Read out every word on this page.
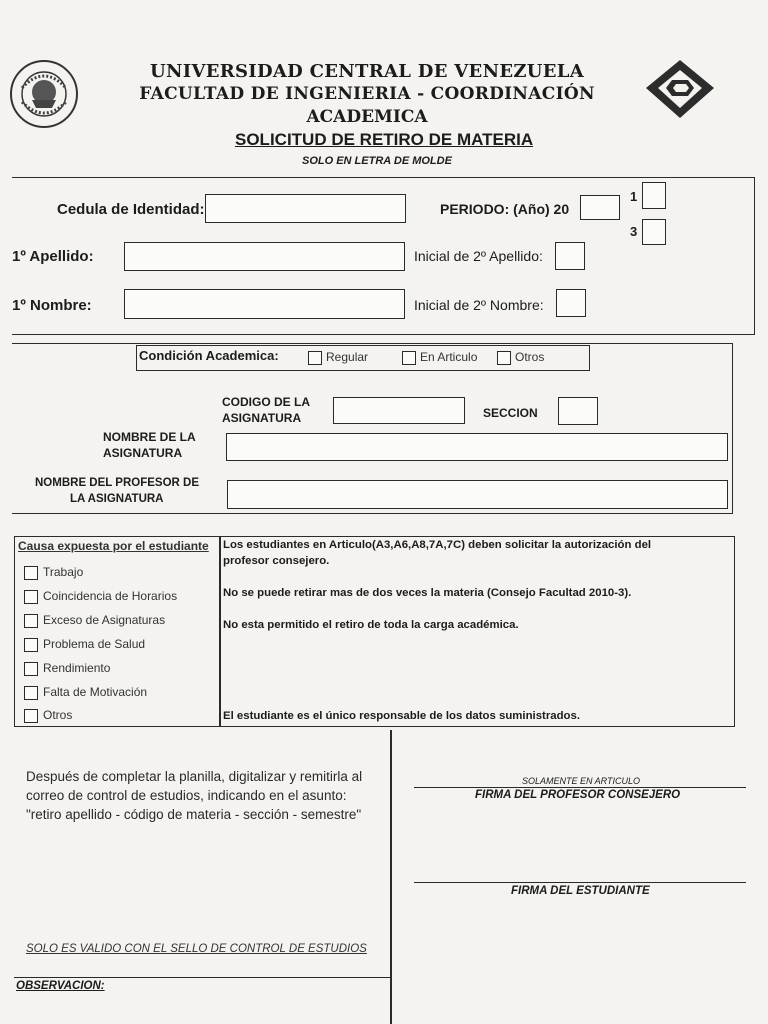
UNIVERSIDAD CENTRAL DE VENEZUELA
FACULTAD DE INGENIERIA - COORDINACIÓN
ACADEMICA
SOLICITUD DE RETIRO DE MATERIA
SOLO EN LETRA DE MOLDE
Cedula de Identidad:	PERIODO: (Año) 20
1
3
1º Apellido:	Inicial de 2º Apellido:
1º Nombre:	Inicial de 2º Nombre:
Condición Academica:	Regular	En Articulo	Otros
CODIGO DE LA
ASIGNATURA	SECCION
NOMBRE DE LA
ASIGNATURA
NOMBRE DEL PROFESOR DE
LA ASIGNATURA
Causa expuesta por el estudiante
Trabajo
Coincidencia de Horarios
Exceso de Asignaturas
Problema de Salud
Rendimiento
Falta de Motivación
Otros
Los estudiantes en Articulo(A3,A6,A8,7A,7C) deben solicitar la autorización del
profesor consejero.
No se puede retirar mas de dos veces la materia (Consejo Facultad 2010-3).
No esta permitido el retiro de toda la carga académica.
El estudiante es el único responsable de los datos suministrados.
Después de completar la planilla, digitalizar y remitirla al
correo de control de estudios, indicando en el asunto:
"retiro apellido - código de materia - sección - semestre"
SOLAMENTE EN ARTICULO
FIRMA DEL PROFESOR CONSEJERO
FIRMA DEL ESTUDIANTE
SOLO ES VALIDO CON EL SELLO DE CONTROL DE ESTUDIOS
OBSERVACION:
